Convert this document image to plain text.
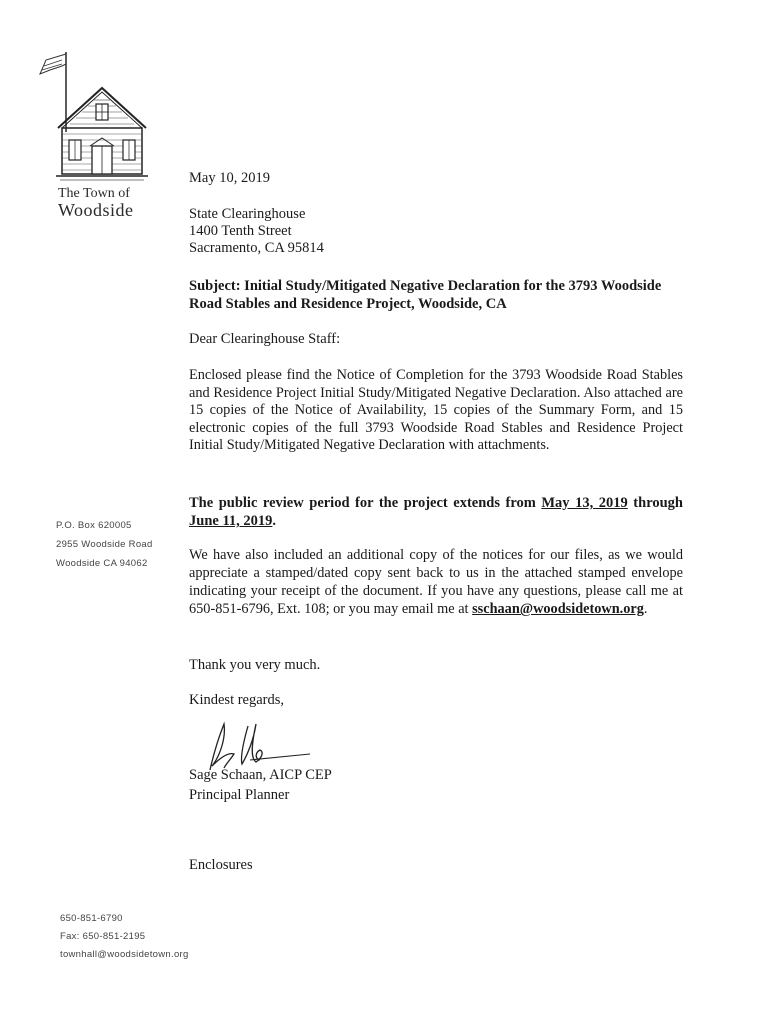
The Town of
Woodside
P.O. Box 620005
2955 Woodside Road
Woodside CA 94062
650-851-6790
Fax: 650-851-2195
townhall@woodsidetown.org
May 10, 2019
State Clearinghouse
1400 Tenth Street
Sacramento, CA 95814
Subject: Initial Study/Mitigated Negative Declaration for the 3793 Woodside Road Stables and Residence Project, Woodside, CA
Dear Clearinghouse Staff:
Enclosed please find the Notice of Completion for the 3793 Woodside Road Stables and Residence Project Initial Study/Mitigated Negative Declaration. Also attached are 15 copies of the Notice of Availability, 15 copies of the Summary Form, and 15 electronic copies of the full 3793 Woodside Road Stables and Residence Project Initial Study/Mitigated Negative Declaration with attachments.
The public review period for the project extends from May 13, 2019 through June 11, 2019.
We have also included an additional copy of the notices for our files, as we would appreciate a stamped/dated copy sent back to us in the attached stamped envelope indicating your receipt of the document. If you have any questions, please call me at 650-851-6796, Ext. 108; or you may email me at sschaan@woodsidetown.org.
Thank you very much.
Kindest regards,
Sage Schaan, AICP CEP
Principal Planner
Enclosures
